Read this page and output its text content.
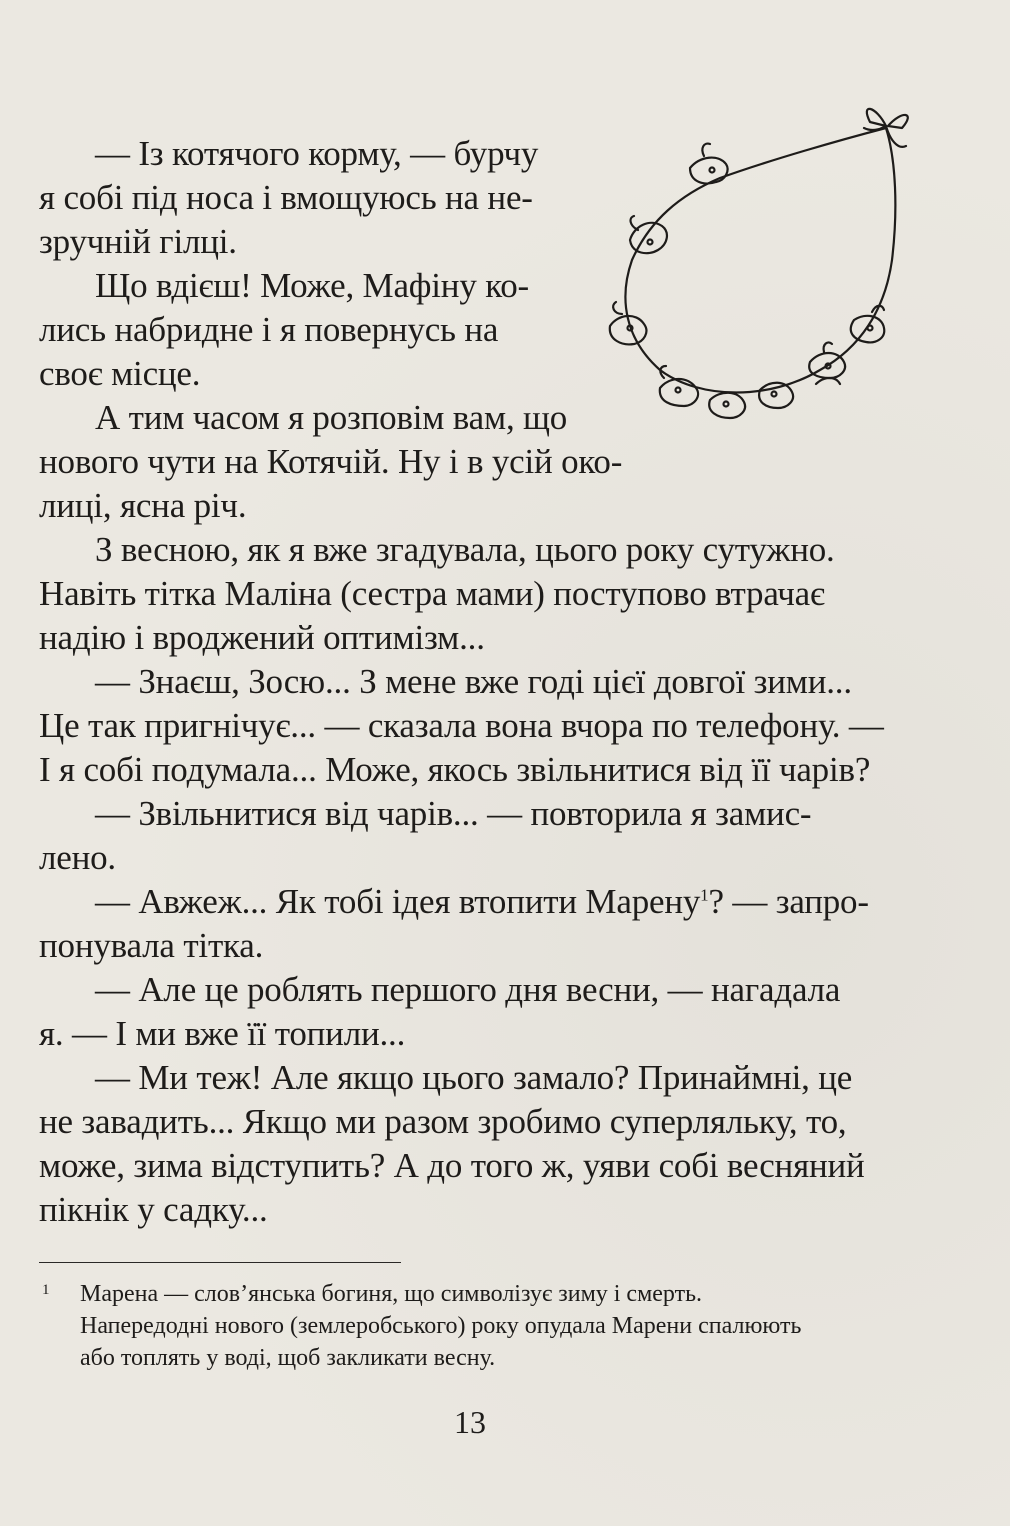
— Із котячого корму, — бурчу
я собі під носа і вмощуюсь на не-
зручній гілці.
Що вдієш! Може, Мафіну ко-
лись набридне і я повернусь на
своє місце.
А тим часом я розповім вам, що
нового чути на Котячій. Ну і в усій око-
лиці, ясна річ.
З весною, як я вже згадувала, цього року сутужно.
Навіть тітка Маліна (сестра мами) поступово втрачає
надію і вроджений оптимізм...
— Знаєш, Зосю... З мене вже годі цієї довгої зими...
Це так пригнічує... — сказала вона вчора по телефону. —
І я собі подумала... Може, якось звільнитися від її чарів?
— Звільнитися від чарів... — повторила я замис-
лено.
— Авжеж... Як тобі ідея втопити Марену$^1$? — запро-
понувала тітка.
— Але це роблять першого дня весни, — нагадала
я. — І ми вже її топили...
— Ми теж! Але якщо цього замало? Принаймні, це
не завадить... Якщо ми разом зробимо суперляльку, то,
може, зима відступить? А до того ж, уяви собі весняний
пікнік у садку...
1 Марена — слов’янська богиня, що символізує зиму і смерть.
Напередодні нового (землеробського) року опудала Марени спалюють
або топлять у воді, щоб закликати весну.
13
